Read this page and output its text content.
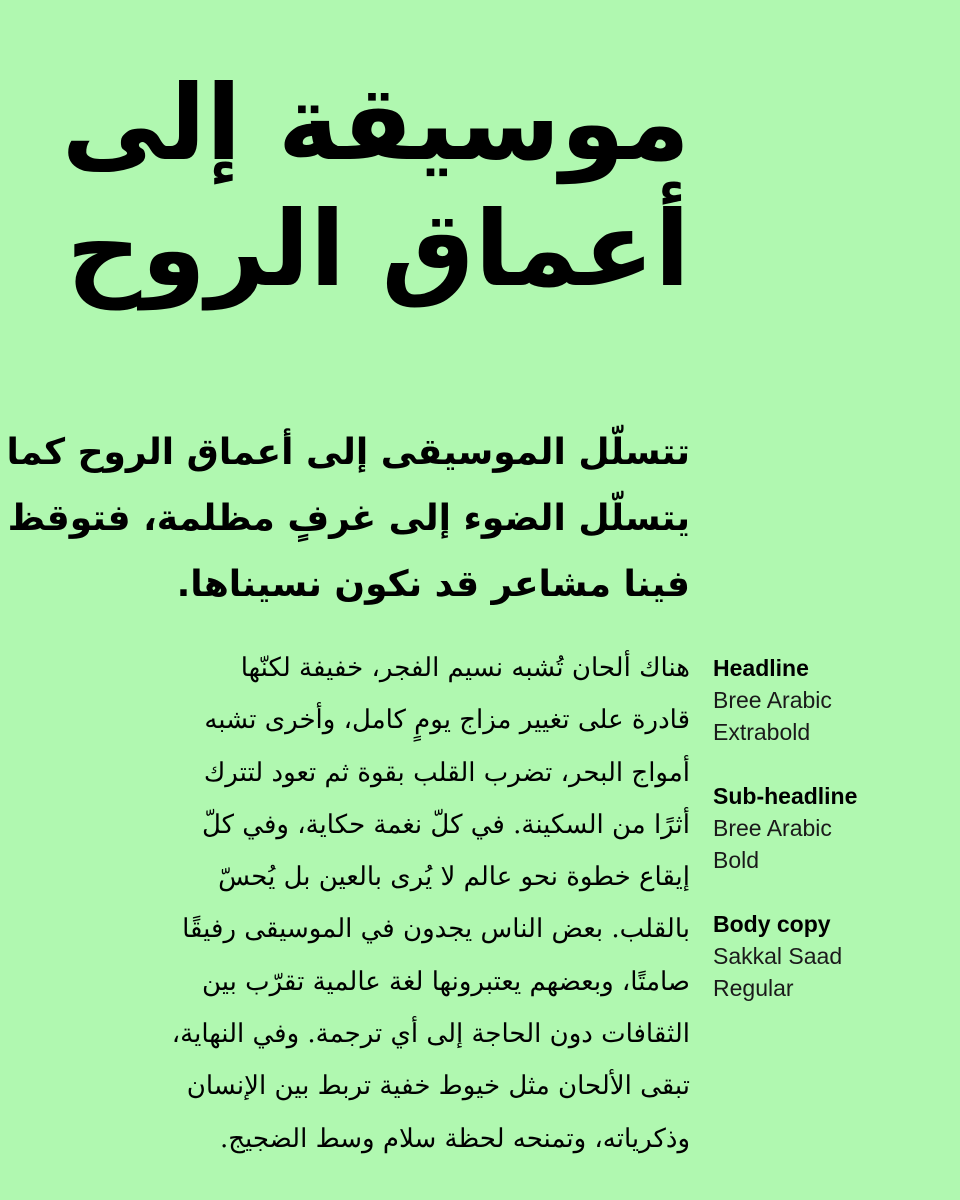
موسيقة إلى
أعماق الروح
تتسلّل الموسيقى إلى أعماق الروح كما
يتسلّل الضوء إلى غرفٍ مظلمة، فتوقظ
فينا مشاعر قد نكون نسيناها.
هناك ألحان تُشبه نسيم الفجر، خفيفة لكنّها
قادرة على تغيير مزاج يومٍ كامل، وأخرى تشبه
أمواج البحر، تضرب القلب بقوة ثم تعود لتترك
أثرًا من السكينة. في كلّ نغمة حكاية، وفي كلّ
إيقاع خطوة نحو عالم لا يُرى بالعين بل يُحسّ
بالقلب. بعض الناس يجدون في الموسيقى رفيقًا
صامتًا، وبعضهم يعتبرونها لغة عالمية تقرّب بين
الثقافات دون الحاجة إلى أي ترجمة. وفي النهاية،
تبقى الألحان مثل خيوط خفية تربط بين الإنسان
وذكرياته، وتمنحه لحظة سلام وسط الضجيج.
Headline
Bree Arabic
Extrabold
Sub-headline
Bree Arabic
Bold
Body copy
Sakkal Saad
Regular
